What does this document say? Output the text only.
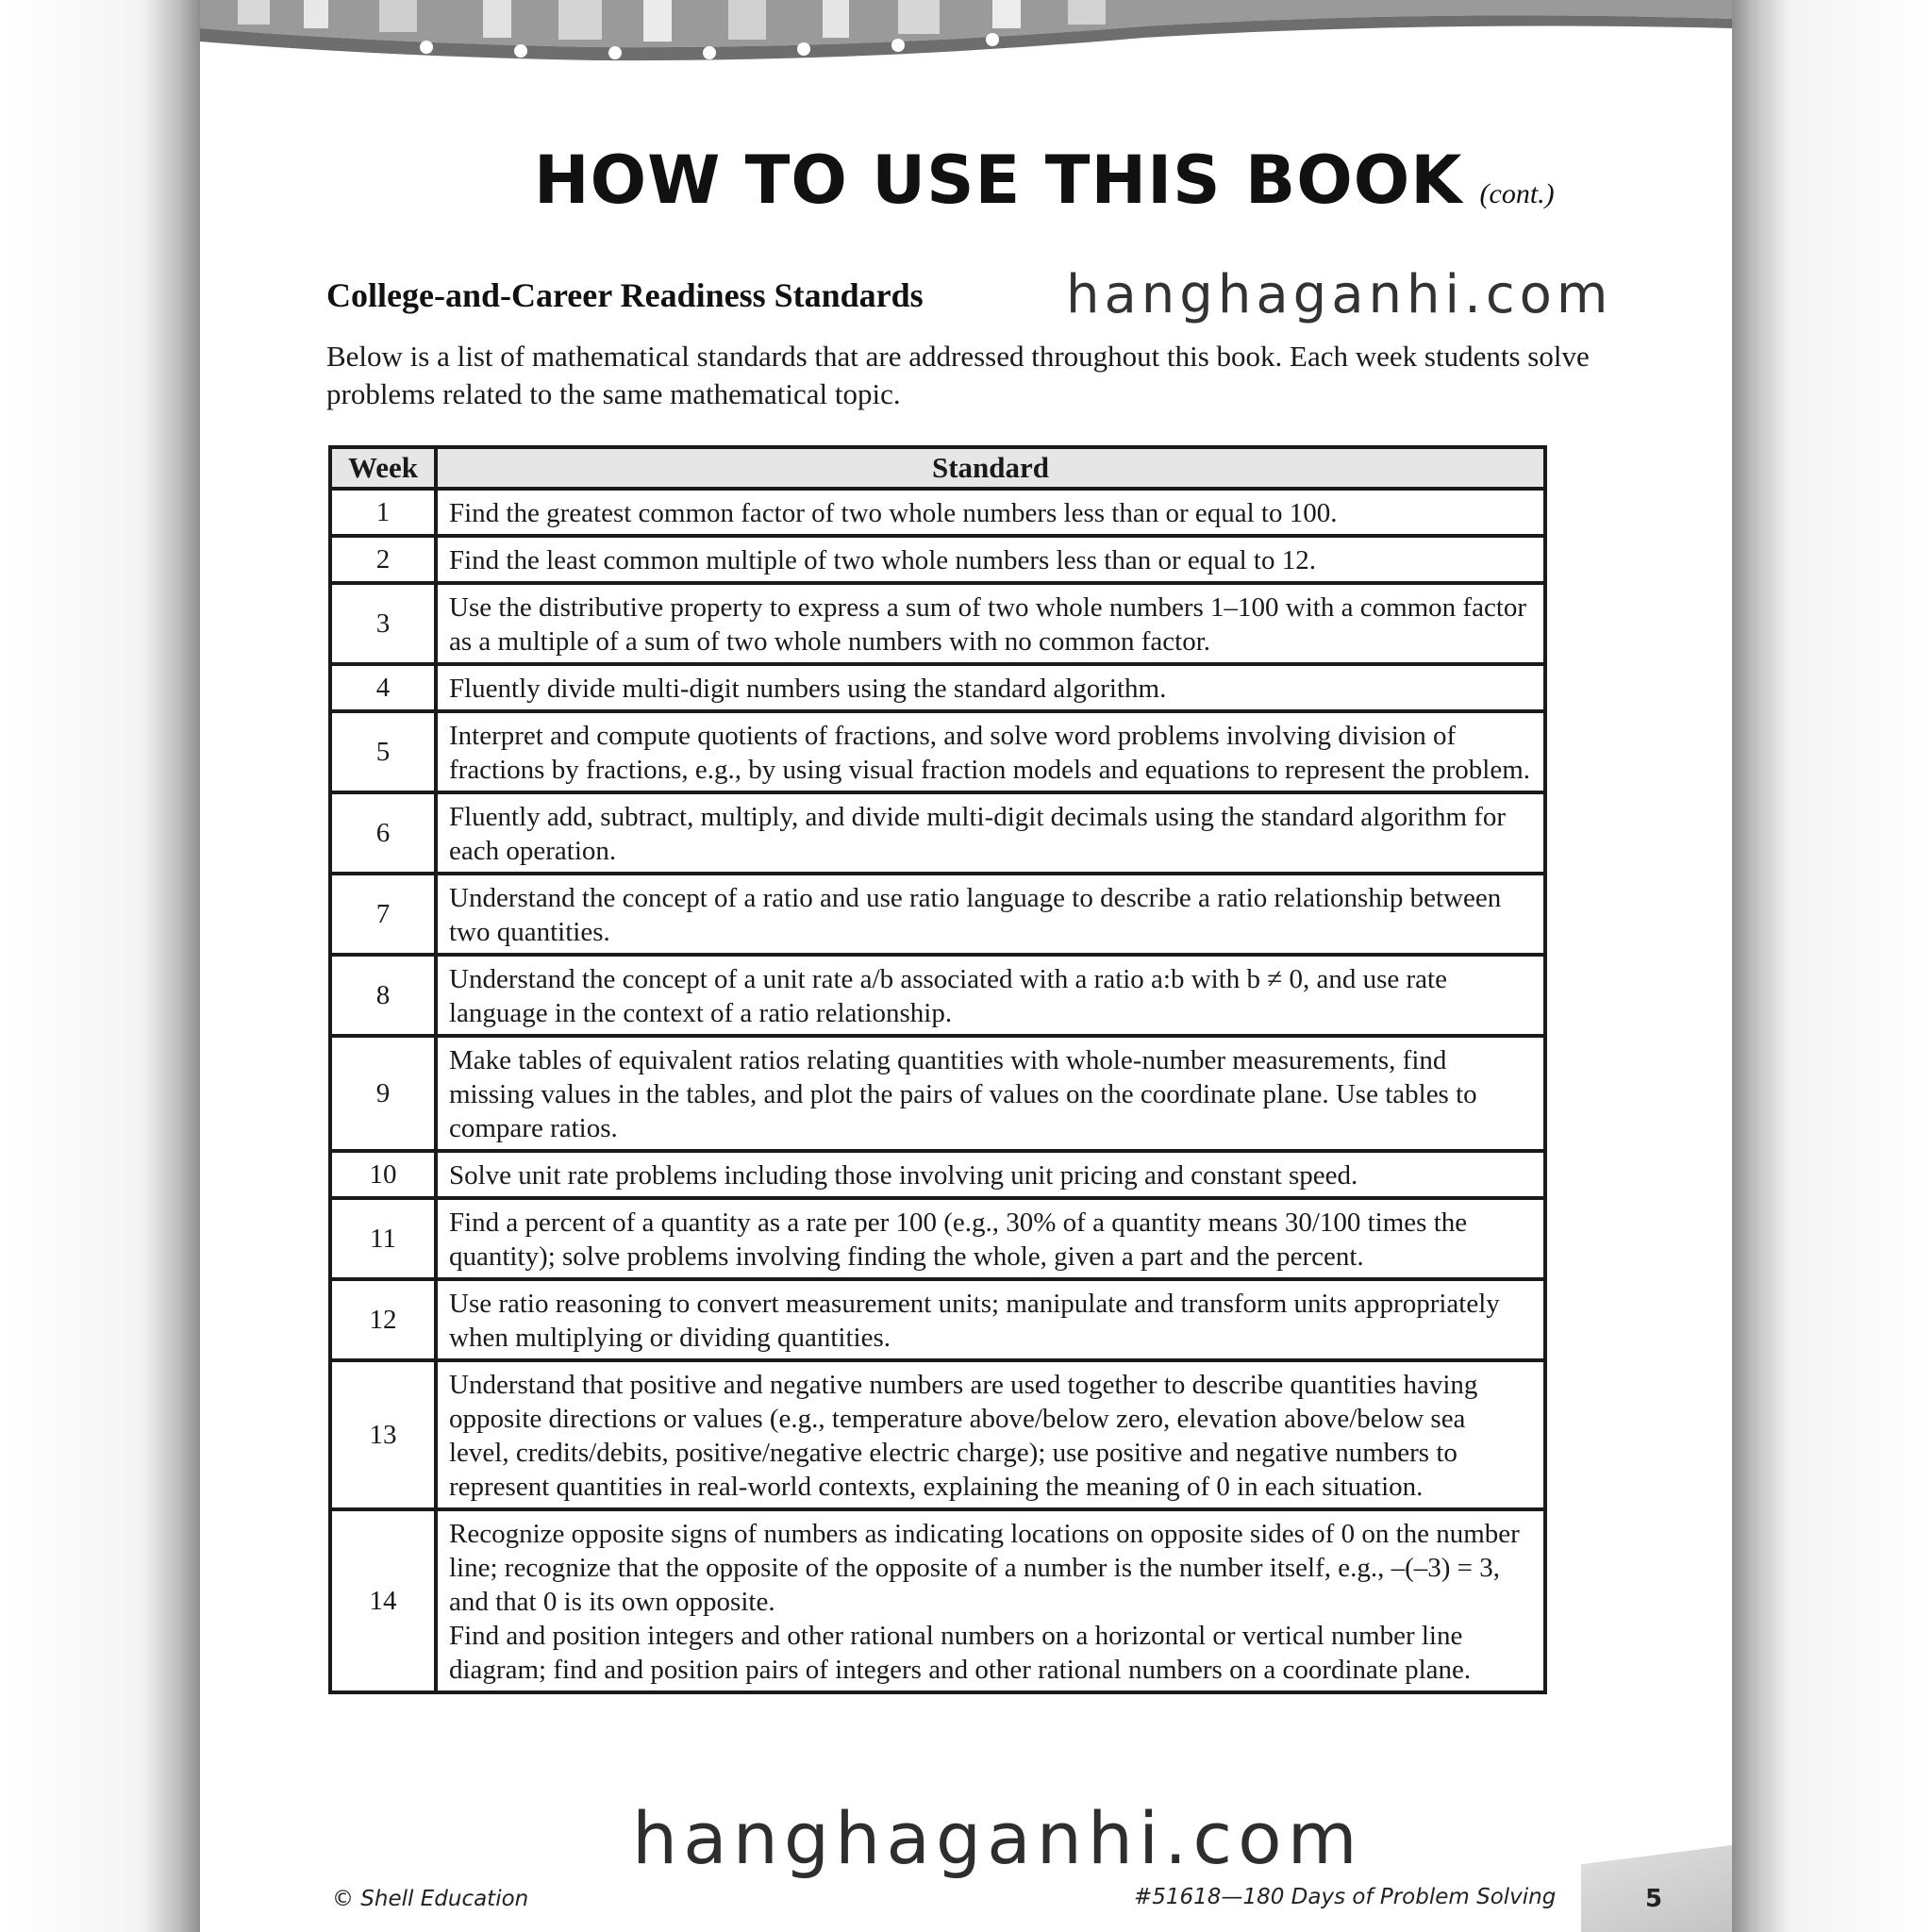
HOW TO USE THIS BOOK (cont.)
College-and-Career Readiness Standards	hanghaganhi.com
Below is a list of mathematical standards that are addressed throughout this book. Each week students solve problems related to the same mathematical topic.
Week	Standard
1	Find the greatest common factor of two whole numbers less than or equal to 100.
2	Find the least common multiple of two whole numbers less than or equal to 12.
3	Use the distributive property to express a sum of two whole numbers 1–100 with a common factor as a multiple of a sum of two whole numbers with no common factor.
4	Fluently divide multi-digit numbers using the standard algorithm.
5	Interpret and compute quotients of fractions, and solve word problems involving division of fractions by fractions, e.g., by using visual fraction models and equations to represent the problem.
6	Fluently add, subtract, multiply, and divide multi-digit decimals using the standard algorithm for each operation.
7	Understand the concept of a ratio and use ratio language to describe a ratio relationship between two quantities.
8	Understand the concept of a unit rate a/b associated with a ratio a:b with b ≠ 0, and use rate language in the context of a ratio relationship.
9	Make tables of equivalent ratios relating quantities with whole-number measurements, find missing values in the tables, and plot the pairs of values on the coordinate plane. Use tables to compare ratios.
10	Solve unit rate problems including those involving unit pricing and constant speed.
11	Find a percent of a quantity as a rate per 100 (e.g., 30% of a quantity means 30/100 times the quantity); solve problems involving finding the whole, given a part and the percent.
12	Use ratio reasoning to convert measurement units; manipulate and transform units appropriately when multiplying or dividing quantities.
13	Understand that positive and negative numbers are used together to describe quantities having opposite directions or values (e.g., temperature above/below zero, elevation above/below sea level, credits/debits, positive/negative electric charge); use positive and negative numbers to represent quantities in real-world contexts, explaining the meaning of 0 in each situation.
14	Recognize opposite signs of numbers as indicating locations on opposite sides of 0 on the number line; recognize that the opposite of the opposite of a number is the number itself, e.g., –(–3) = 3, and that 0 is its own opposite.
Find and position integers and other rational numbers on a horizontal or vertical number line diagram; find and position pairs of integers and other rational numbers on a coordinate plane.
hanghaganhi.com
© Shell Education	#51618—180 Days of Problem Solving	5
